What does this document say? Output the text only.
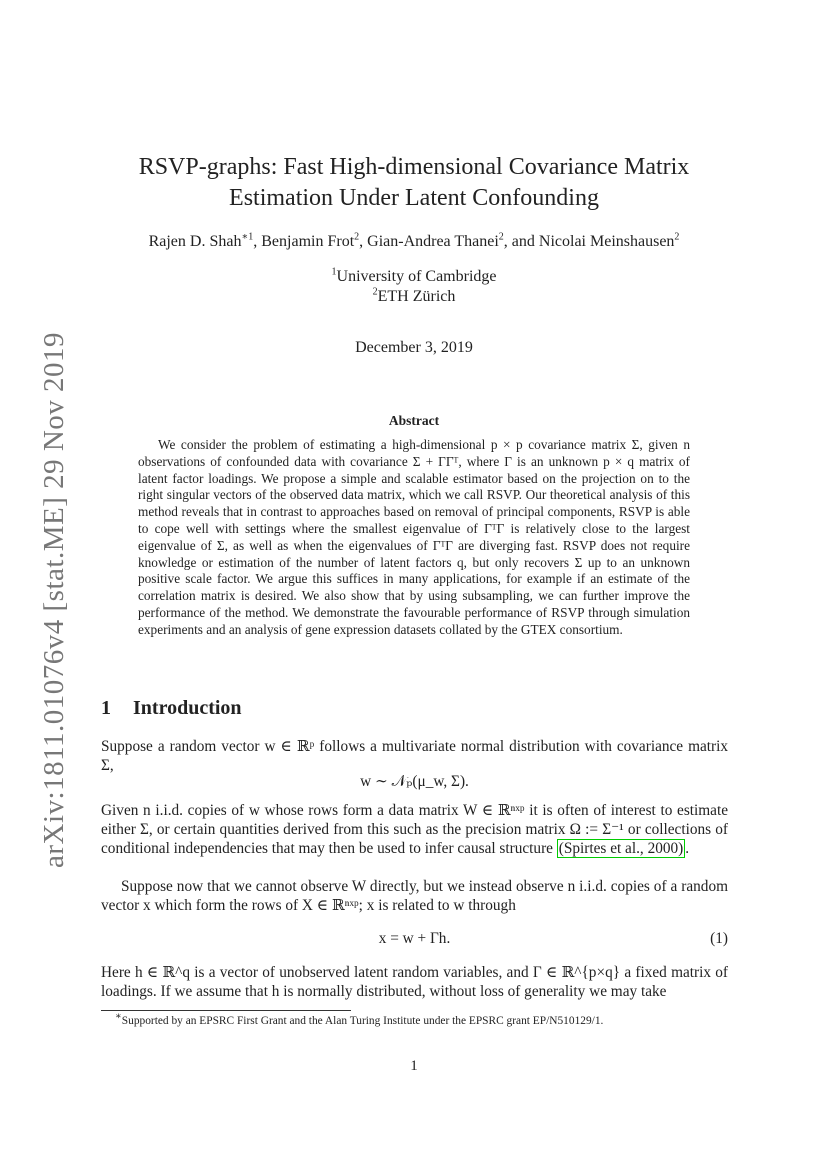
arXiv:1811.01076v4 [stat.ME] 29 Nov 2019
RSVP-graphs: Fast High-dimensional Covariance Matrix
Estimation Under Latent Confounding
Rajen D. Shah$^{∗1}$, Benjamin Frot$^2$, Gian-Andrea Thanei$^2$, and Nicolai Meinshausen$^2$
$^1$University of Cambridge
$^2$ETH Zürich
December 3, 2019
Abstract
We consider the problem of estimating a high-dimensional p × p covariance matrix Σ, given n observations of confounded data with covariance Σ + ΓΓᵀ, where Γ is an unknown p × q matrix of latent factor loadings. We propose a simple and scalable estimator based on the projection on to the right singular vectors of the observed data matrix, which we call RSVP. Our theoretical analysis of this method reveals that in contrast to approaches based on removal of principal components, RSVP is able to cope well with settings where the smallest eigenvalue of ΓᵀΓ is relatively close to the largest eigenvalue of Σ, as well as when the eigenvalues of ΓᵀΓ are diverging fast. RSVP does not require knowledge or estimation of the number of latent factors q, but only recovers Σ up to an unknown positive scale factor. We argue this suffices in many applications, for example if an estimate of the correlation matrix is desired. We also show that by using subsampling, we can further improve the performance of the method. We demonstrate the favourable performance of RSVP through simulation experiments and an analysis of gene expression datasets collated by the GTEX consortium.
1 Introduction
Suppose a random vector w ∈ ℝᵖ follows a multivariate normal distribution with covariance matrix Σ,
w ∼ 𝒩ₚ(μ_w, Σ).
Given n i.i.d. copies of w whose rows form a data matrix W ∈ ℝⁿˣᵖ it is often of interest to estimate either Σ, or certain quantities derived from this such as the precision matrix Ω := Σ⁻¹ or collections of conditional independencies that may then be used to infer causal structure (Spirtes et al., 2000) .
Suppose now that we cannot observe W directly, but we instead observe n i.i.d. copies of a random vector x which form the rows of X ∈ ℝⁿˣᵖ; x is related to w through
x = w + Γh.	(1)
Here h ∈ ℝ^q is a vector of unobserved latent random variables, and Γ ∈ ℝ^{p×q} a fixed matrix of loadings. If we assume that h is normally distributed, without loss of generality we may take
∗Supported by an EPSRC First Grant and the Alan Turing Institute under the EPSRC grant EP/N510129/1.
1
